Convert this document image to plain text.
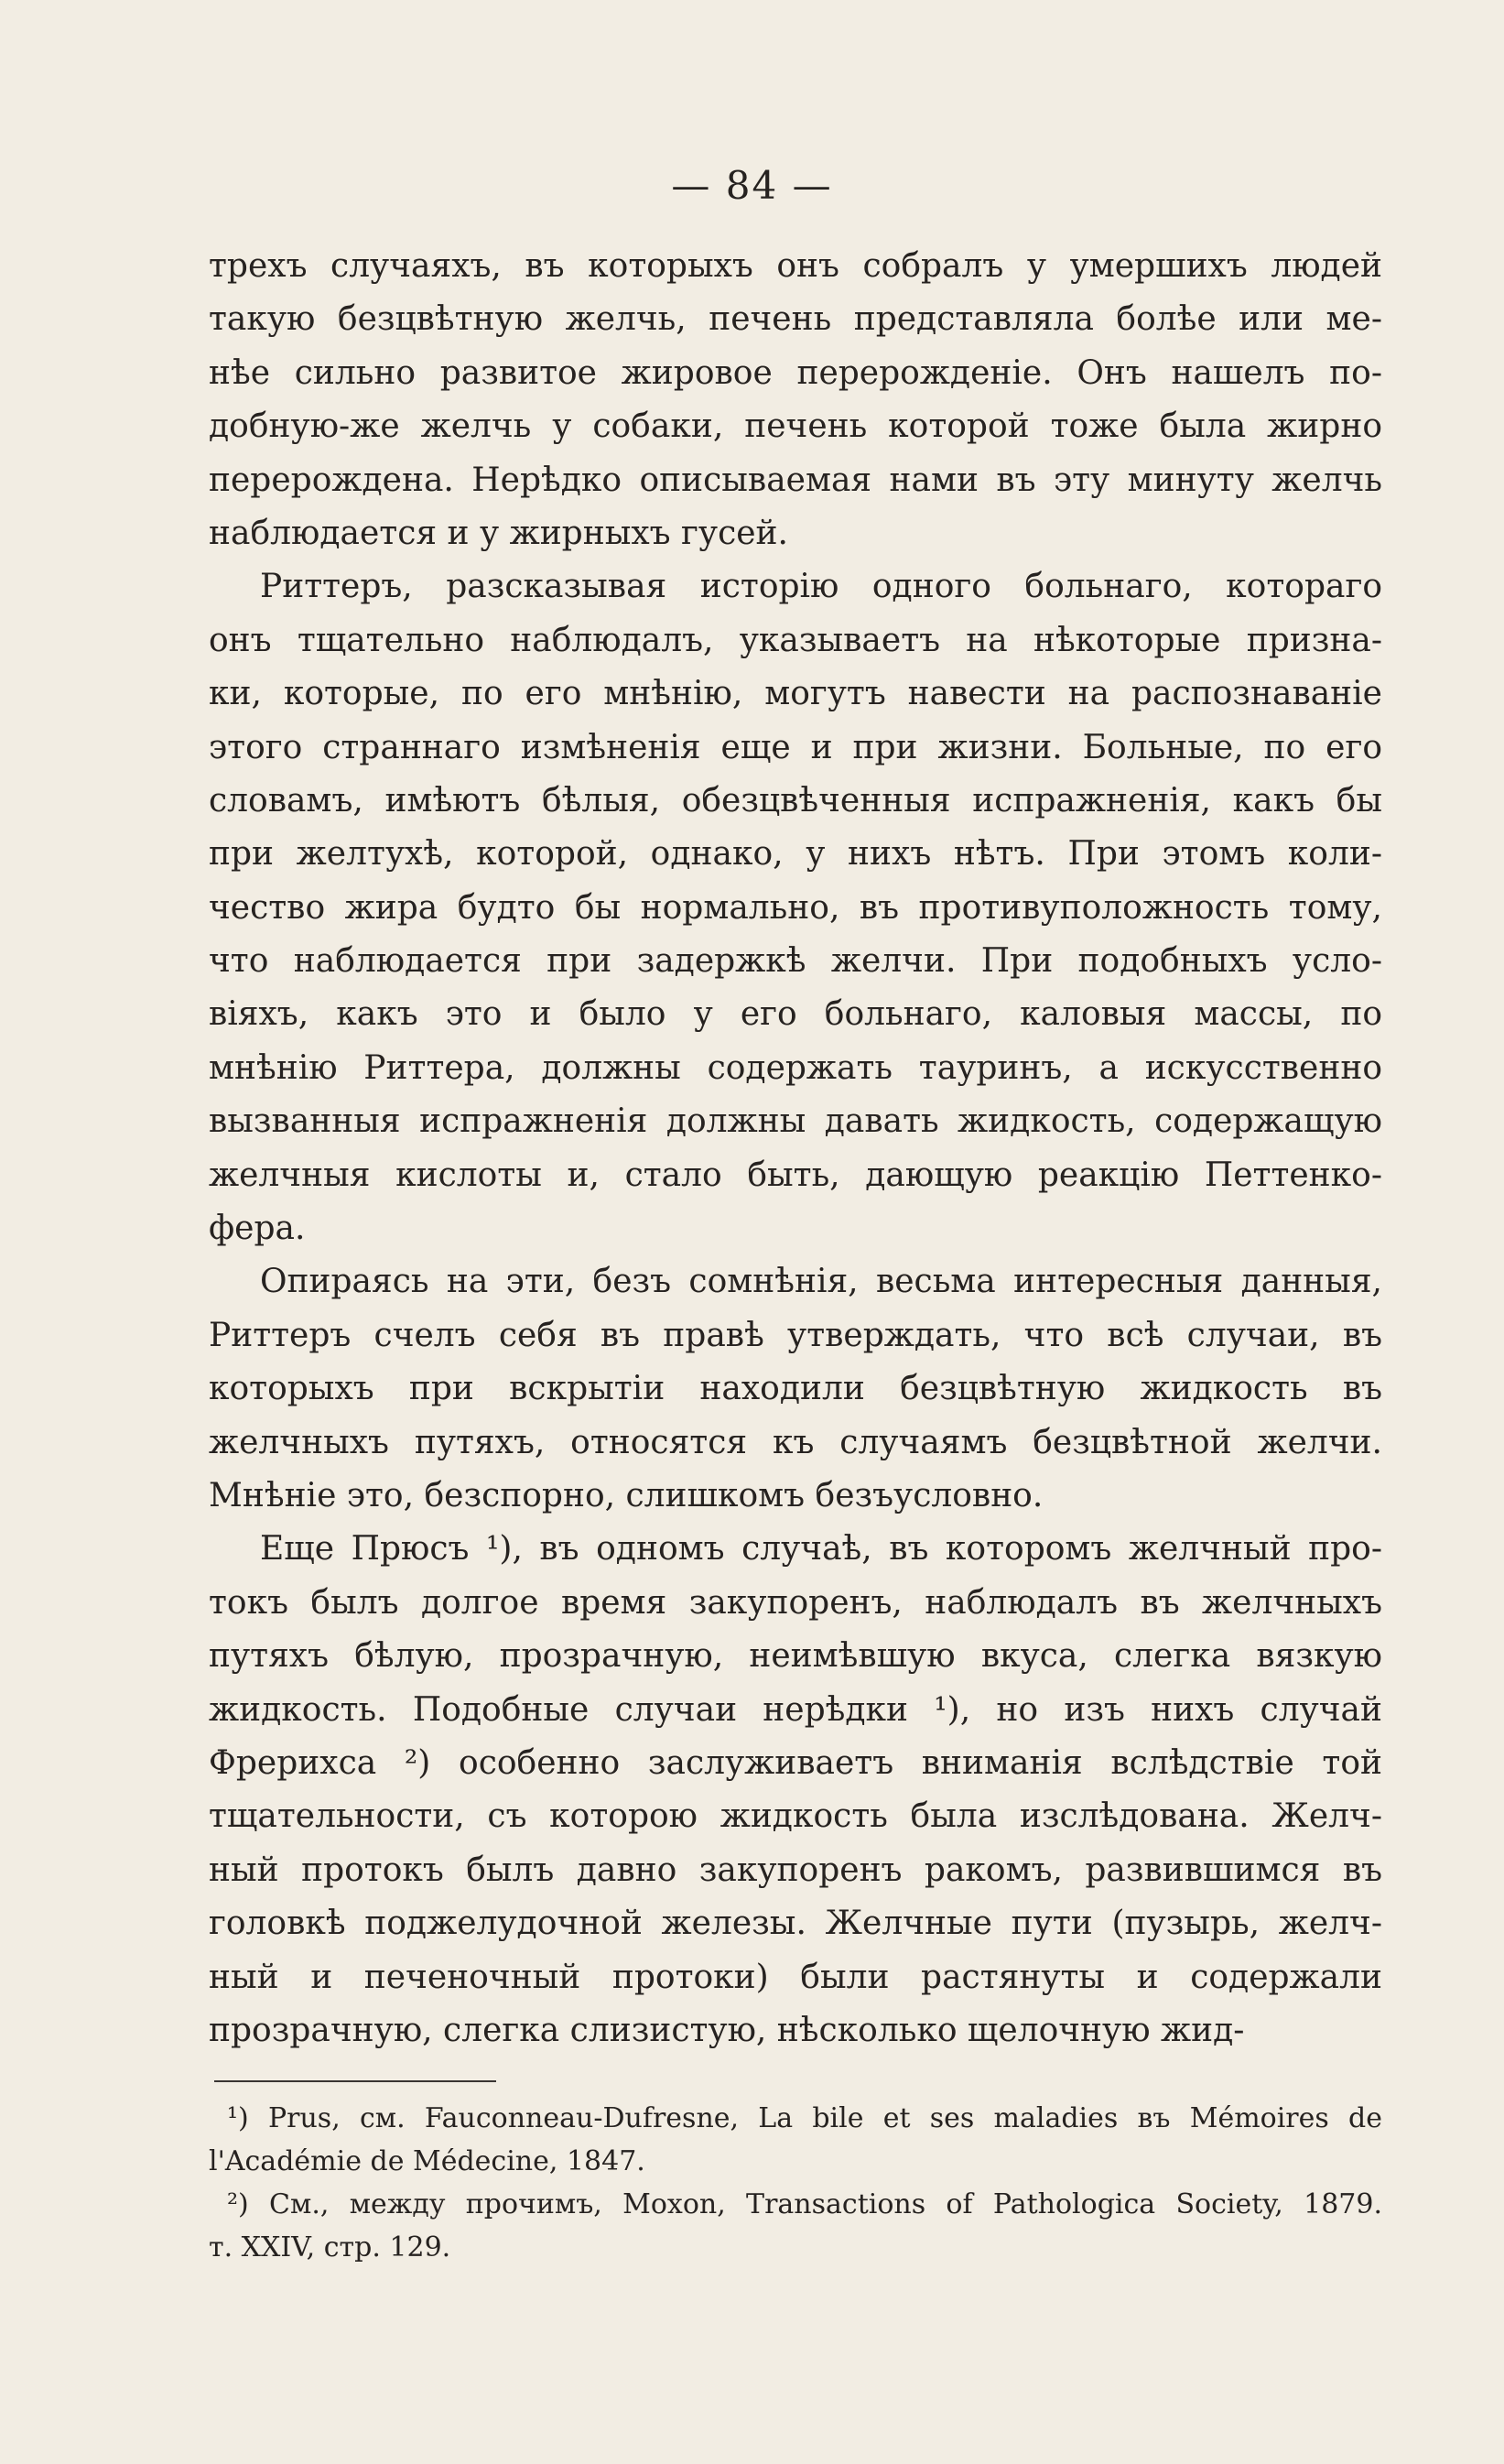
— 84 —
трехъ случаяхъ, въ которыхъ онъ собралъ у умершихъ людей
такую безцвѣтную желчь, печень представляла болѣе или ме-
нѣе сильно развитое жировое перерожденіе. Онъ нашелъ по-
добную-же желчь у собаки, печень которой тоже была жирно
перерождена. Нерѣдко описываемая нами въ эту минуту желчь
наблюдается и у жирныхъ гусей.
Риттеръ, разсказывая исторію одного больнаго, котораго
онъ тщательно наблюдалъ, указываетъ на нѣкоторые призна-
ки, которые, по его мнѣнію, могутъ навести на распознаваніе
этого страннаго измѣненія еще и при жизни. Больные, по его
словамъ, имѣютъ бѣлыя, обезцвѣченныя испражненія, какъ бы
при желтухѣ, которой, однако, у нихъ нѣтъ. При этомъ коли-
чество жира будто бы нормально, въ противуположность тому,
что наблюдается при задержкѣ желчи. При подобныхъ усло-
віяхъ, какъ это и было у его больнаго, каловыя массы, по
мнѣнію Риттера, должны содержать тауринъ, а искусственно
вызванныя испражненія должны давать жидкость, содержащую
желчныя кислоты и, стало быть, дающую реакцію Петтенко-
фера.
Опираясь на эти, безъ сомнѣнія, весьма интересныя данныя,
Риттеръ счелъ себя въ правѣ утверждать, что всѣ случаи, въ
которыхъ при вскрытіи находили безцвѣтную жидкость въ
желчныхъ путяхъ, относятся къ случаямъ безцвѣтной желчи.
Мнѣніе это, безспорно, слишкомъ безъусловно.
Еще Прюсъ ¹), въ одномъ случаѣ, въ которомъ желчный про-
токъ былъ долгое время закупоренъ, наблюдалъ въ желчныхъ
путяхъ бѣлую, прозрачную, неимѣвшую вкуса, слегка вязкую
жидкость. Подобные случаи нерѣдки ¹), но изъ нихъ случай
Фрерихса ²) особенно заслуживаетъ вниманія вслѣдствіе той
тщательности, съ которою жидкость была изслѣдована. Желч-
ный протокъ былъ давно закупоренъ ракомъ, развившимся въ
головкѣ поджелудочной железы. Желчные пути (пузырь, желч-
ный и печеночный протоки) были растянуты и содержали
прозрачную, слегка слизистую, нѣсколько щелочную жид-
¹) Prus, см. Fauconneau-Dufresne, La bile et ses maladies въ Mémoires de
l'Académie de Médecine, 1847.
²) См., между прочимъ, Moxon, Transactions of Pathologica Society, 1879.
т. XXIV, стр. 129.
